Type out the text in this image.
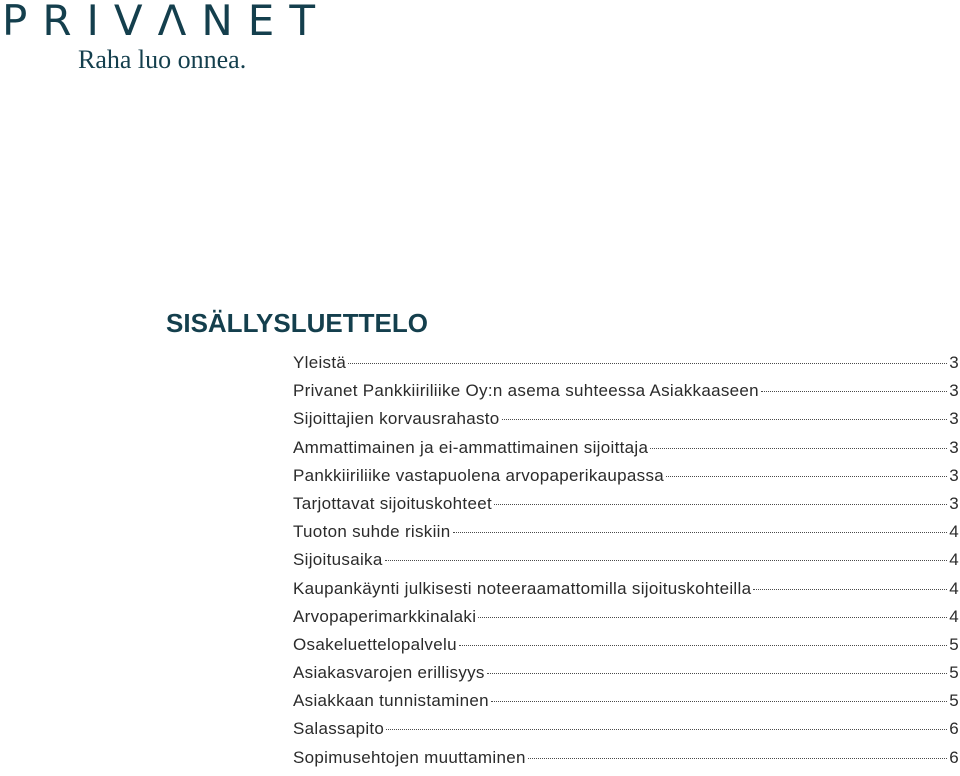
PRIVΛNET
Raha luo onnea.
SISÄLLYSLUETTELO
Yleistä	3
Privanet Pankkiiriliike Oy:n asema suhteessa Asiakkaaseen	3
Sijoittajien korvausrahasto	3
Ammattimainen ja ei-ammattimainen sijoittaja	3
Pankkiiriliike vastapuolena arvopaperikaupassa	3
Tarjottavat sijoituskohteet	3
Tuoton suhde riskiin	4
Sijoitusaika	4
Kaupankäynti julkisesti noteeraamattomilla sijoituskohteilla	4
Arvopaperimarkkinalaki	4
Osakeluettelopalvelu	5
Asiakasvarojen erillisyys	5
Asiakkaan tunnistaminen	5
Salassapito	6
Sopimusehtojen muuttaminen	6
